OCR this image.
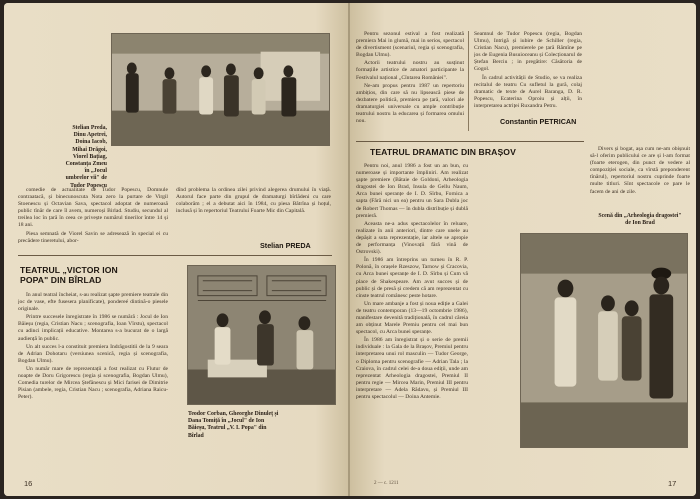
Stelian Preda,
Dinu Apetrei,
Doina Iacob,
Mihai Drăgoi,
Viorel Bațiag,
Constanța Zmeu
în „Jocul
umbrelor vii" de
Tudor Popescu

comedie de actualitate de Tudor Popescu, Domnule contraatacă, și binecunoscuta Nota zero la purtare de Virgil Stoenescu și Octavian Sava, spectacol adoptat de numeroasă public tînăr de care îl avem, numeroși Birlad. Studiu, secundul al treilea loc în țară în ceea ce privește numărul tinerilor între 14 și 18 ani.

Piesa semnată de Viorel Savin se adresează în special ei cu precădere tineretului, abor-

dînd problema la ordinea zilei privind alegerea drumului în viață. Autorul face parte din grupul de dramaturgi bîrlădeni cu care colaborăm ; el a debutat aici în 1984, cu piesa Bătrîna și hoțul, inclusă și în repertoriul Teatrului Foarte Mic din Capitală.

Stelian PREDA
TEATRUL „VICTOR ION
POPA" DIN BÎRLAD

În anul teatral încheiat, s-au realizat șapte premiere teatrale din joc de vase, efte fusesera planificate), pondereé dintină-o piesele originale.

Printre succesele înregistrate în 1986 se numără : Jocul de Ion Băieșu (regia, Cristian Nacu ; scenografia, Ioan Vîrstu), spectacol cu adinci implicații educative. Montarea s-a bucurat de o largă audiență în public.

Un alt succes l-a constituit premiera Indrăgostitii de la 9 seara de Adrian Dohotaru (versiunea scenică, regia și scenografia, Bogdan Ulmu).

Un număr mare de reprezentații a fost realizat cu Flutur de noapte de Doru Grigorescu (regia și scenografia, Bogdan Ulmu), Comedia turelor de Mircea Ștefănescu și Mici farisei de Dimitrie Pisian (ambele, regia, Cristian Nacu ; scenografia, Adriana Raicu-Peter).

Teodor Corban, Gheorghe Dinuleț și
Dana Tomiță în „Jocul" de Ion
Băieșu, Teatrul „V. I. Popa" din
Bîrlad
16

Pentru sezonul estival a fost realizată premiera Mai in glumă, mai in serios, spectacol de divertisment (scenariul, regia și scenografia, Bogdan Ulmu).

Actorii teatrului nostru au susținut formațiile artistice de amatori participante la Festivalul național „Cîntarea României".

Ne-am propus pentru 1987 un repertoriu ambițios, din care să nu lipsească piese de dezbatere politică, premiera pe țară, valori ale dramaturgiei universale cu ample contribuție teatrului nostru la educarea și formarea omului nou.

Seamnul de Tudor Popescu (regia, Bogdan Ulmu), Intrigă și iubire de Schiller (regia, Cristian Nacu), premierele pe țară Rămîne pe jos de Eugenia Busuioceanu și Colecționarul de Ștefan Berciu ; in pregătire: Căsătoria de Gogol.

În cadrul activității de Studio, se va realiza recitalul de teatru Cu sufletul la gură, colaj dramatic de texte de Aurel Baranga, D. R. Popescu, Ecaterina Oproiu și alții, în interpretarea actriței Ruxandra Petru.

Constantin PETRICAN
TEATRUL DRAMATIC DIN BRAȘOV

Pentru noi, anul 1986 a fost un an bun, cu numeroase și importante împliniri. Am realizat șapte premiere (Bătaie de Goldoni, Arheologia dragostei de Ion Brad, Insula de Gellu Naum, Arca bunei speranțe de I. D. Sîrbu, Fornica a sapta (Fără nici un ea) pentru un Sara Dubla joc de Robert Thomas — în dubla distribuție și dublă premieră.

Aceasta ne-a adus spectacolelor în reluare, realizate în anii anteriori, dintre care unele au depășit a suta reprezentație, iar altele se apropie de performanța (Vinovații fără vină de Ostrovski).

În 1986 am întreprins un turneu în R. P. Polonă, în orașele Rzeszow, Tarnow și Cracovia, cu Arca bunei speranțe de I. D. Sîrbu și Cum vă place de Shakespeare. Am avut succes și de public și de presă și credem că am reprezentat cu cinste teatrul românesc peste hotare.

Un mare ambanje a fost și noua ediție a Galei de teatru contemporan (13—19 octombrie 1986), manifestare devenită tradițională, în cadrul căreia am obținut Marele Premiu pentru cel mai bun spectacol, cu Arca bunei speranțe.

În 1986 am înregistrat și o serie de premii individuale : la Gala de la Brașov, Premiul pentru interpretarea unui rol masculin — Tudor George, o Diploma pentru scenografie — Adrian Tala ; la Craiova, în cadrul celei de-a doua ediții, unde am reprezentat Arheologia dragostei, Premiul II pentru regie — Mircea Marin, Premiul III pentru interpretare — Adela Rădavu, și Premiul III pentru spectacolul — Doina Antemie.

Divers și bogat, așa cum ne-am obișnuit să-l oferim publicului ce are și l-am format (foarte eterogen, din punct de vedere al compoziției sociale, ca vîrstă preponderent tînărul), repertoriul nostru cuprinde foarte multe titluri. Sînt spectacole ce pare le facem de ani de zile.

Scenă din „Arheologia dragostei"
de Ion Brad
2 — c. 1211	17
